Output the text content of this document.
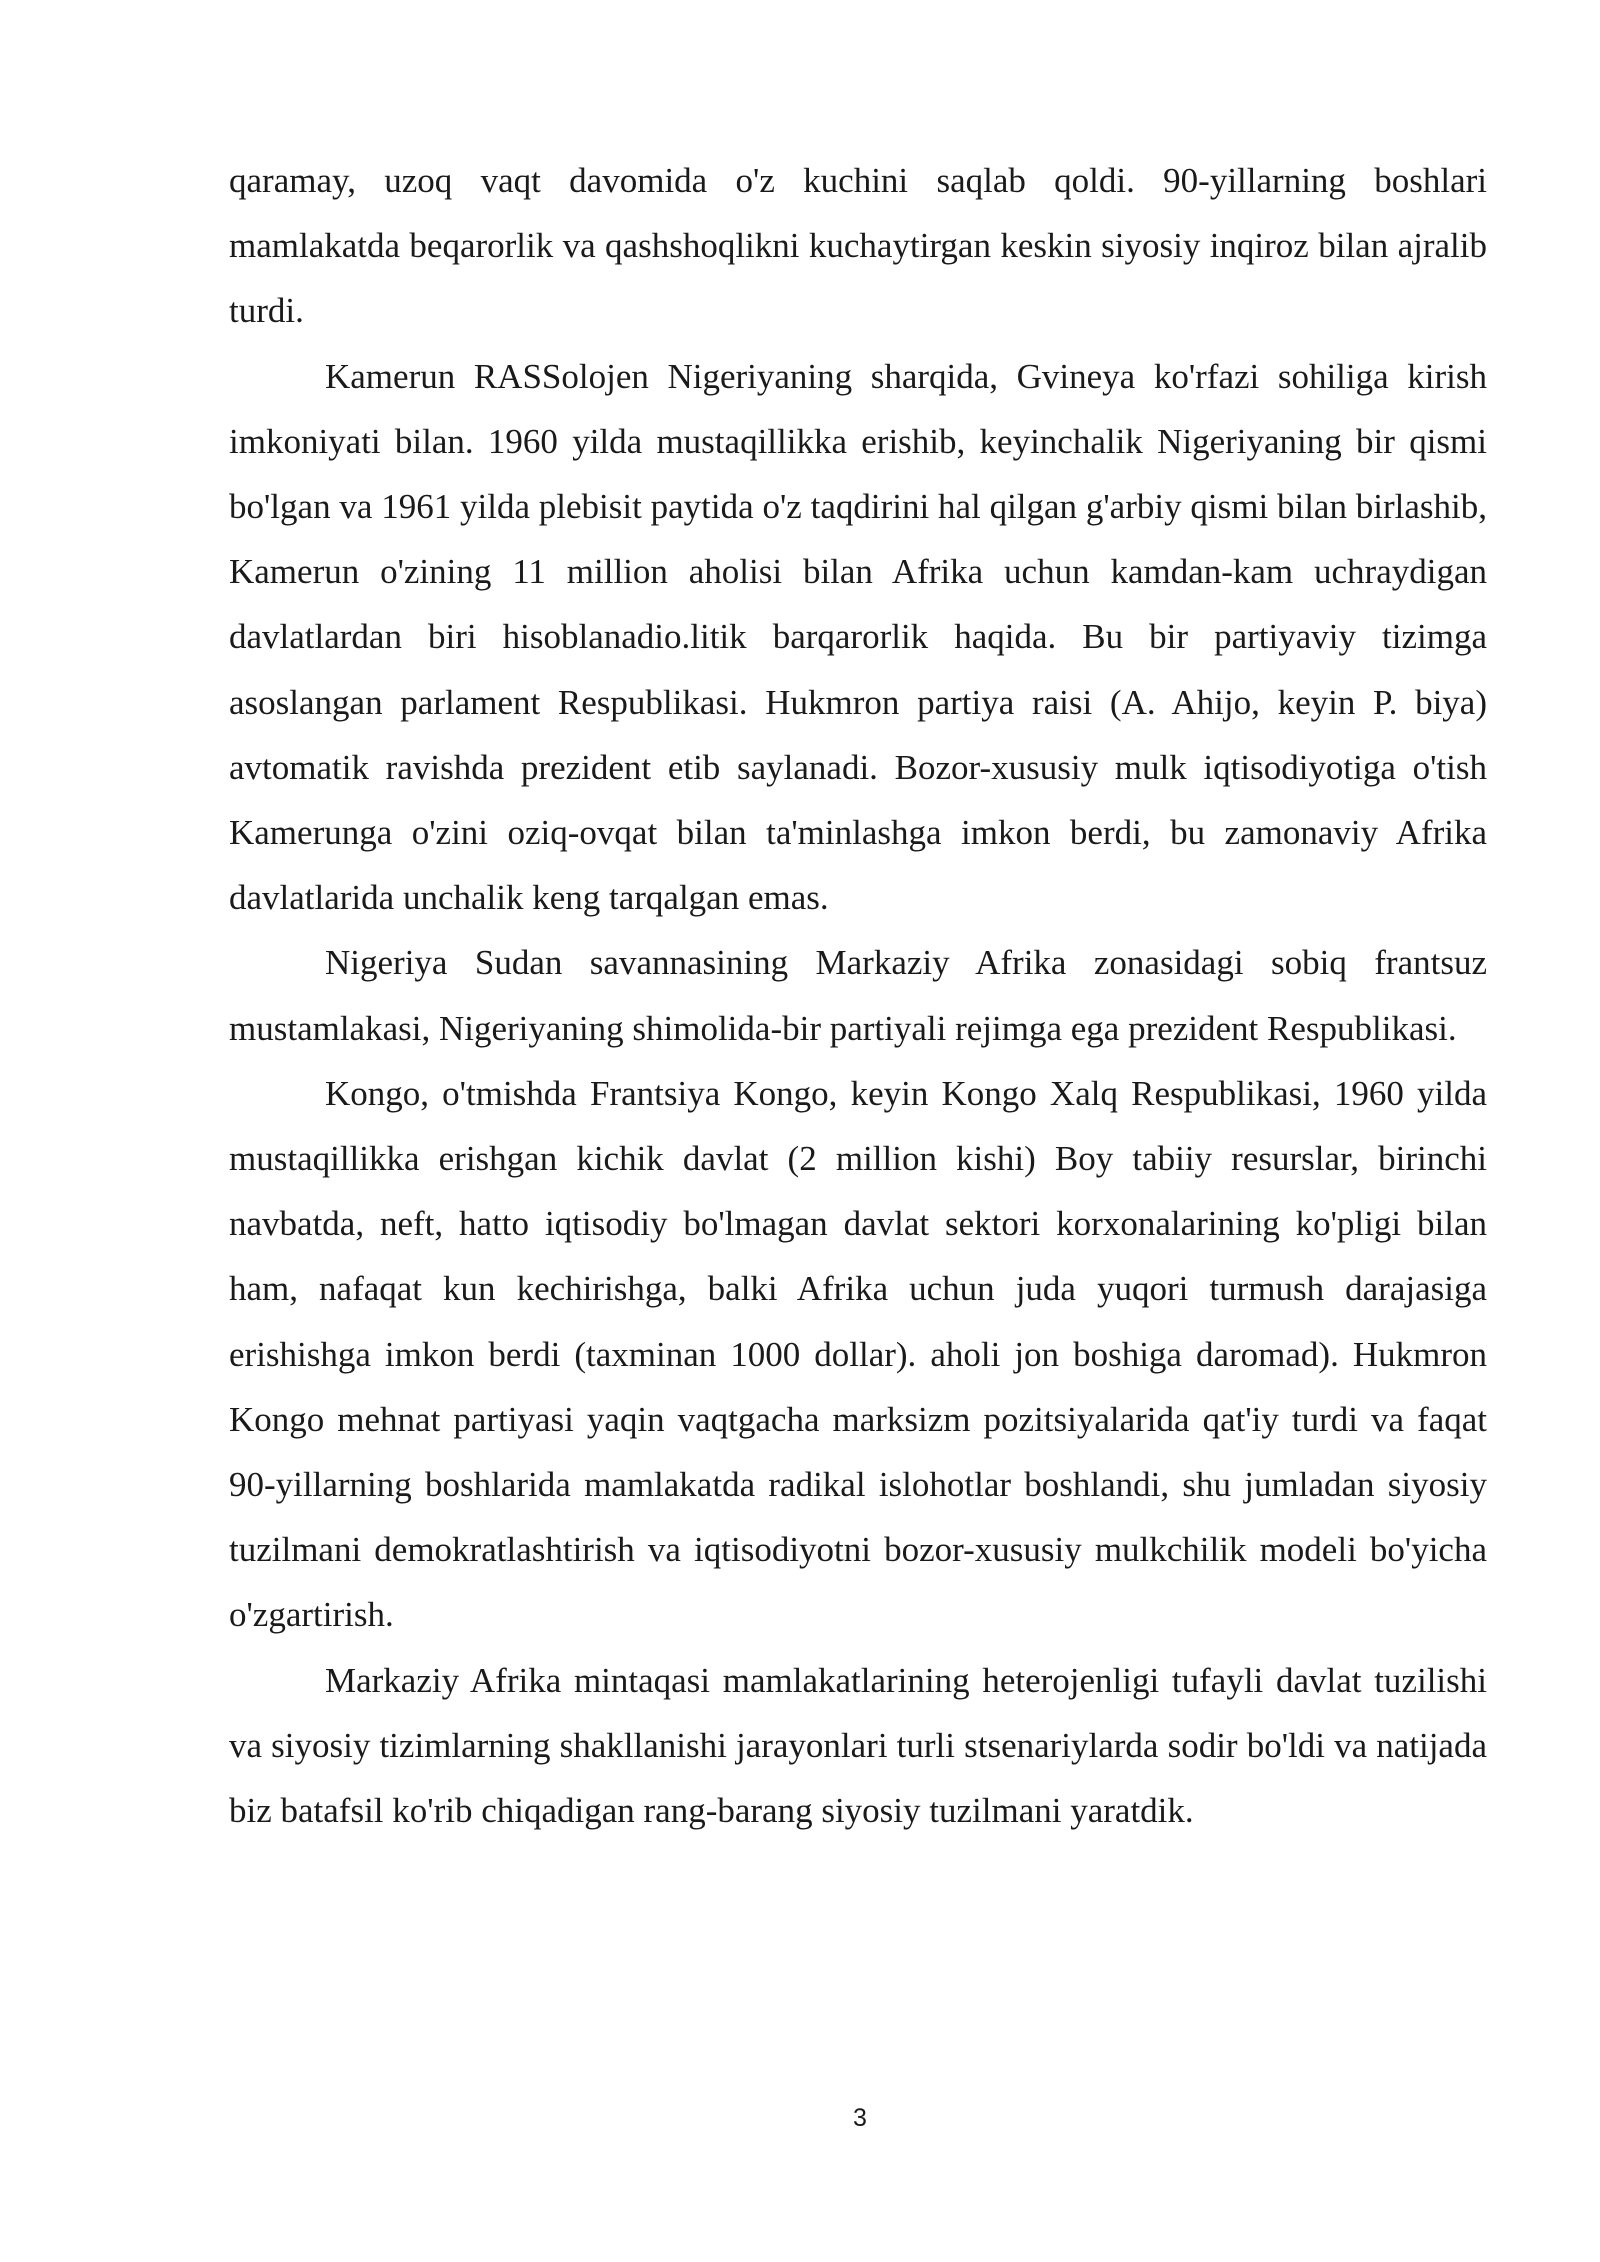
qaramay, uzoq vaqt davomida o'z kuchini saqlab qoldi. 90-yillarning boshlari mamlakatda beqarorlik va qashshoqlikni kuchaytirgan keskin siyosiy inqiroz bilan ajralib turdi.

Kamerun RASSolojen Nigeriyaning sharqida, Gvineya ko'rfazi sohiliga kirish imkoniyati bilan. 1960 yilda mustaqillikka erishib, keyinchalik Nigeriyaning bir qismi bo'lgan va 1961 yilda plebisit paytida o'z taqdirini hal qilgan g'arbiy qismi bilan birlashib, Kamerun o'zining 11 million aholisi bilan Afrika uchun kamdan-kam uchraydigan davlatlardan biri hisoblanadio.litik barqarorlik haqida. Bu bir partiyaviy tizimga asoslangan parlament Respublikasi. Hukmron partiya raisi (A. Ahijo, keyin P. biya) avtomatik ravishda prezident etib saylanadi. Bozor-xususiy mulk iqtisodiyotiga o'tish Kamerunga o'zini oziq-ovqat bilan ta'minlashga imkon berdi, bu zamonaviy Afrika davlatlarida unchalik keng tarqalgan emas.

Nigeriya Sudan savannasining Markaziy Afrika zonasidagi sobiq frantsuz mustamlakasi, Nigeriyaning shimolida-bir partiyali rejimga ega prezident Respublikasi.

Kongo, o'tmishda Frantsiya Kongo, keyin Kongo Xalq Respublikasi, 1960 yilda mustaqillikka erishgan kichik davlat (2 million kishi) Boy tabiiy resurslar, birinchi navbatda, neft, hatto iqtisodiy bo'lmagan davlat sektori korxonalarining ko'pligi bilan ham, nafaqat kun kechirishga, balki Afrika uchun juda yuqori turmush darajasiga erishishga imkon berdi (taxminan 1000 dollar). aholi jon boshiga daromad). Hukmron Kongo mehnat partiyasi yaqin vaqtgacha marksizm pozitsiyalarida qat'iy turdi va faqat 90-yillarning boshlarida mamlakatda radikal islohotlar boshlandi, shu jumladan siyosiy tuzilmani demokratlashtirish va iqtisodiyotni bozor-xususiy mulkchilik modeli bo'yicha o'zgartirish.

Markaziy Afrika mintaqasi mamlakatlarining heterojenligi tufayli davlat tuzilishi va siyosiy tizimlarning shakllanishi jarayonlari turli stsenariylarda sodir bo'ldi va natijada biz batafsil ko'rib chiqadigan rang-barang siyosiy tuzilmani yaratdik.

3
